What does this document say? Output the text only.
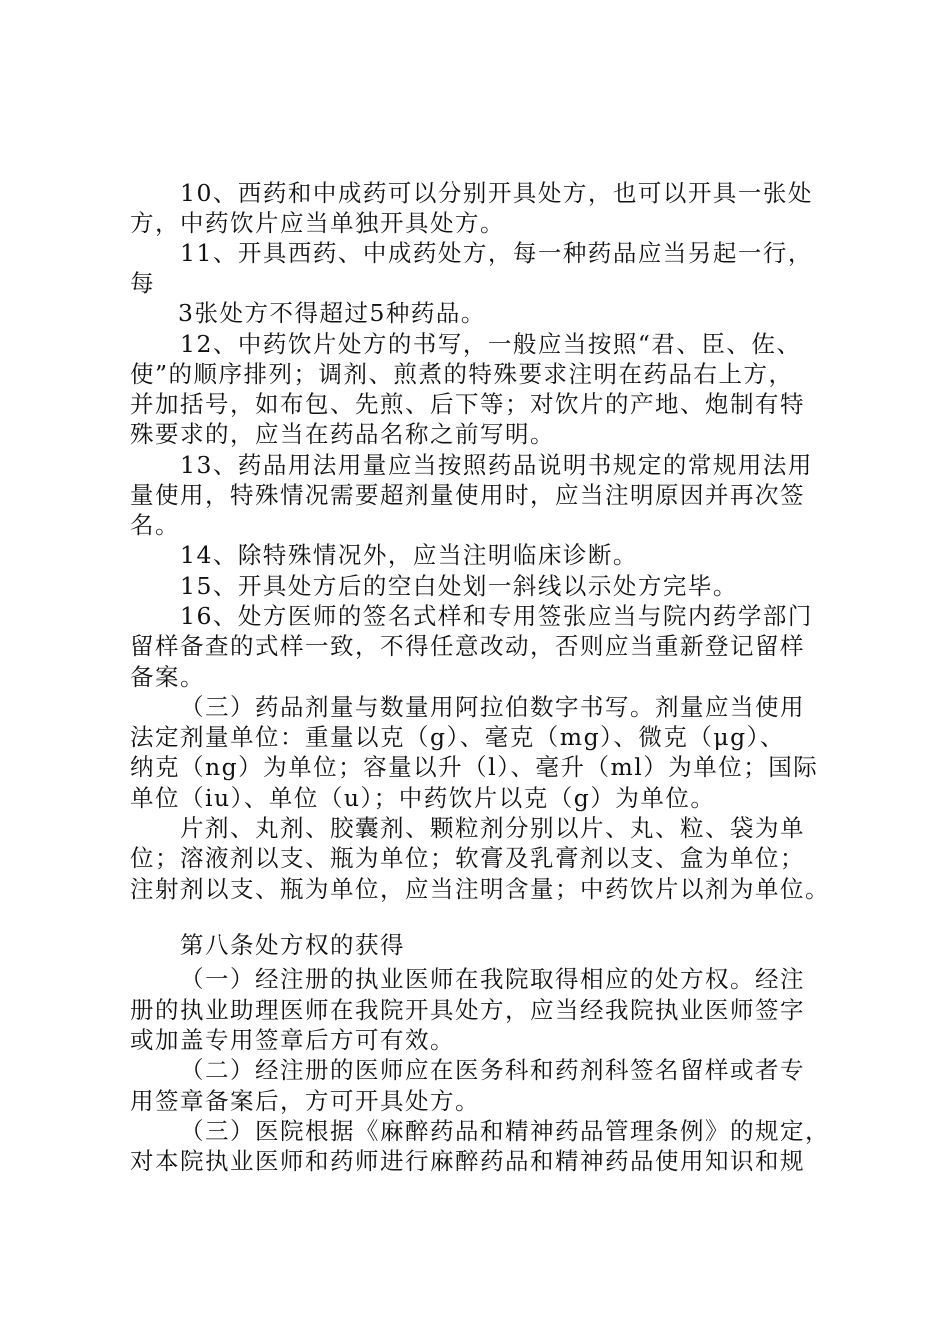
10、西药和中成药可以分别开具处方，也可以开具一张处
方，中药饮片应当单独开具处方。
11、开具西药、中成药处方，每一种药品应当另起一行，
每
3张处方不得超过5种药品。
12、中药饮片处方的书写，一般应当按照“君、臣、佐、
使”的顺序排列；调剂、煎煮的特殊要求注明在药品右上方，
并加括号，如布包、先煎、后下等；对饮片的产地、炮制有特
殊要求的，应当在药品名称之前写明。
13、药品用法用量应当按照药品说明书规定的常规用法用
量使用，特殊情况需要超剂量使用时，应当注明原因并再次签
名。
14、除特殊情况外，应当注明临床诊断。
15、开具处方后的空白处划一斜线以示处方完毕。
16、处方医师的签名式样和专用签张应当与院内药学部门
留样备查的式样一致，不得任意改动，否则应当重新登记留样
备案。
（三）药品剂量与数量用阿拉伯数字书写。剂量应当使用
法定剂量单位：重量以克（g）、毫克（mg）、微克（μg）、
纳克（ng）为单位；容量以升（l）、毫升（ml）为单位；国际
单位（iu）、单位（u）；中药饮片以克（g）为单位。
片剂、丸剂、胶囊剂、颗粒剂分别以片、丸、粒、袋为单
位；溶液剂以支、瓶为单位；软膏及乳膏剂以支、盒为单位；
注射剂以支、瓶为单位，应当注明含量；中药饮片以剂为单位。
第八条处方权的获得
（一）经注册的执业医师在我院取得相应的处方权。经注
册的执业助理医师在我院开具处方，应当经我院执业医师签字
或加盖专用签章后方可有效。
（二）经注册的医师应在医务科和药剂科签名留样或者专
用签章备案后，方可开具处方。
（三）医院根据《麻醉药品和精神药品管理条例》的规定，
对本院执业医师和药师进行麻醉药品和精神药品使用知识和规
